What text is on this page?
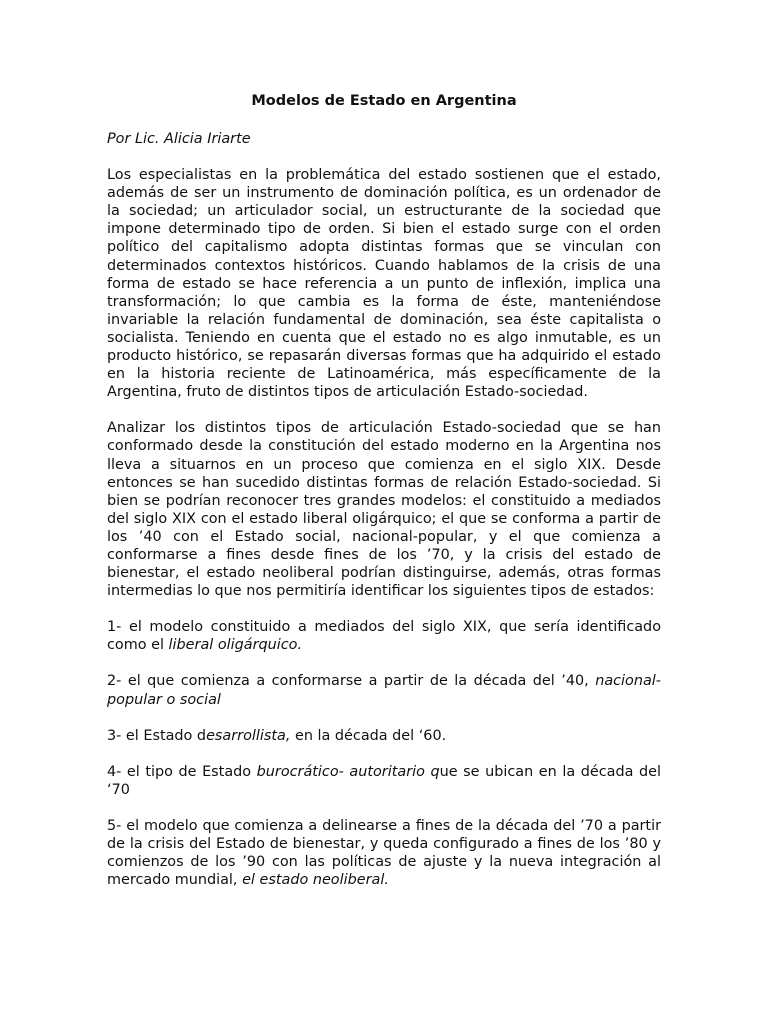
Modelos de Estado en Argentina

Por Lic. Alicia Iriarte

Los especialistas en la problemática del estado sostienen que el estado, además de ser un instrumento de dominación política, es un ordenador de la sociedad; un articulador social, un estructurante de la sociedad que impone determinado tipo de orden. Si bien el estado surge con el orden político del capitalismo adopta distintas formas que se vinculan con determinados contextos históricos. Cuando hablamos de la crisis de una forma de estado se hace referencia a un punto de inflexión, implica una transformación; lo que cambia es la forma de éste, manteniéndose invariable la relación fundamental de dominación, sea éste capitalista o socialista. Teniendo en cuenta que el estado no es algo inmutable, es un producto histórico, se repasarán diversas formas que ha adquirido el estado en la historia reciente de Latinoamérica, más específicamente de la Argentina, fruto de distintos tipos de articulación Estado-sociedad.

Analizar los distintos tipos de articulación Estado-sociedad que se han conformado desde la constitución del estado moderno en la Argentina nos lleva a situarnos en un proceso que comienza en el siglo XIX. Desde entonces se han sucedido distintas formas de relación Estado-sociedad. Si bien se podrían reconocer tres grandes modelos: el constituido a mediados del siglo XIX con el estado liberal oligárquico; el que se conforma a partir de los ’40 con el Estado social, nacional-popular, y el que comienza a conformarse a fines desde fines de los ’70, y la crisis del estado de bienestar, el estado neoliberal podrían distinguirse, además, otras formas intermedias lo que nos permitiría identificar los siguientes tipos de estados:

1- el modelo constituido a mediados del siglo XIX, que sería identificado como el liberal oligárquico.

2- el que comienza a conformarse a partir de la década del ’40, nacional-popular o social

3- el Estado desarrollista, en la década del ‘60.

4- el tipo de Estado burocrático- autoritario que se ubican en la década del ‘70

5- el modelo que comienza a delinearse a fines de la década del ’70 a partir de la crisis del Estado de bienestar, y queda configurado a fines de los ’80 y comienzos de los ’90 con las políticas de ajuste y la nueva integración al mercado mundial, el estado neoliberal.
